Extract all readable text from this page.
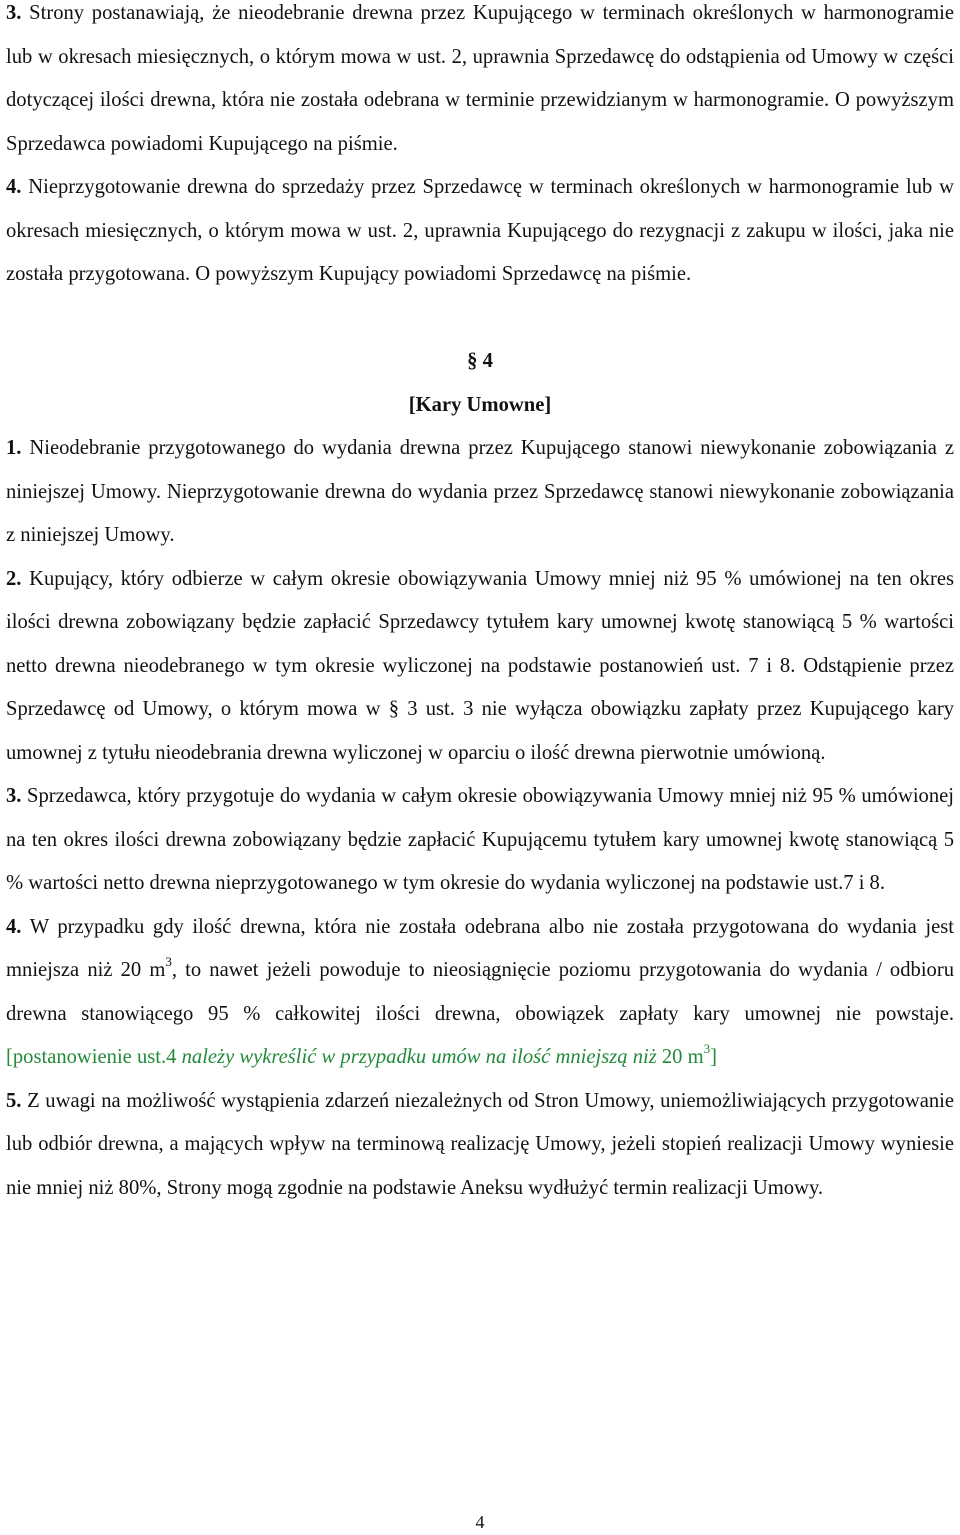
3. Strony postanawiają, że nieodebranie drewna przez Kupującego w terminach określonych w harmonogramie lub w okresach miesięcznych, o którym mowa w ust. 2, uprawnia Sprzedawcę do odstąpienia od Umowy w części dotyczącej ilości drewna, która nie została odebrana w terminie przewidzianym w harmonogramie. O powyższym Sprzedawca powiadomi Kupującego na piśmie.

4. Nieprzygotowanie drewna do sprzedaży przez Sprzedawcę w terminach określonych w harmonogramie lub w okresach miesięcznych, o którym mowa w ust. 2, uprawnia Kupującego do rezygnacji z zakupu w ilości, jaka nie została przygotowana. O powyższym Kupujący powiadomi Sprzedawcę na piśmie.

§ 4

[Kary Umowne]

1. Nieodebranie przygotowanego do wydania drewna przez Kupującego stanowi niewykonanie zobowiązania z niniejszej Umowy. Nieprzygotowanie drewna do wydania przez Sprzedawcę stanowi niewykonanie zobowiązania z niniejszej Umowy.

2. Kupujący, który odbierze w całym okresie obowiązywania Umowy mniej niż 95 % umówionej na ten okres ilości drewna zobowiązany będzie zapłacić Sprzedawcy tytułem kary umownej kwotę stanowiącą 5 % wartości netto drewna nieodebranego w tym okresie wyliczonej na podstawie postanowień ust. 7 i 8. Odstąpienie przez Sprzedawcę od Umowy, o którym mowa w § 3 ust. 3 nie wyłącza obowiązku zapłaty przez Kupującego kary umownej z tytułu nieodebrania drewna wyliczonej w oparciu o ilość drewna pierwotnie umówioną.

3. Sprzedawca, który przygotuje do wydania w całym okresie obowiązywania Umowy mniej niż 95 % umówionej na ten okres ilości drewna zobowiązany będzie zapłacić Kupującemu tytułem kary umownej kwotę stanowiącą 5 % wartości netto drewna nieprzygotowanego w tym okresie do wydania wyliczonej na podstawie ust.7 i 8.

4. W przypadku gdy ilość drewna, która nie została odebrana albo nie została przygotowana do wydania jest mniejsza niż 20 $m^3$, to nawet jeżeli powoduje to nieosiągnięcie poziomu przygotowania do wydania / odbioru drewna stanowiącego 95 % całkowitej ilości drewna, obowiązek zapłaty kary umownej nie powstaje.[postanowienie ust.4 należy wykreślić w przypadku umów na ilość mniejszą niż 20 $m^3$]

5. Z uwagi na możliwość wystąpienia zdarzeń niezależnych od Stron Umowy, uniemożliwiających przygotowanie lub odbiór drewna, a mających wpływ na terminową realizację Umowy, jeżeli stopień realizacji Umowy wyniesie nie mniej niż 80%, Strony mogą zgodnie na podstawie Aneksu wydłużyć termin realizacji Umowy.

4
